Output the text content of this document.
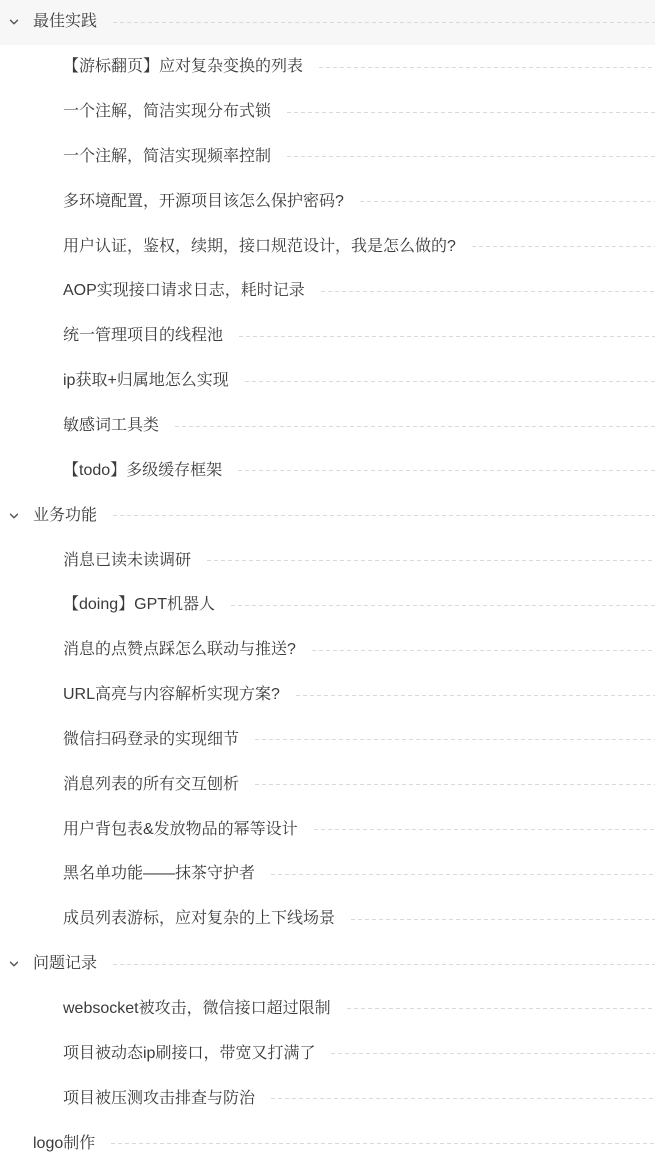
最佳实践
【游标翻页】应对复杂变换的列表
一个注解，简洁实现分布式锁
一个注解，简洁实现频率控制
多环境配置，开源项目该怎么保护密码?
用户认证，鉴权，续期，接口规范设计，我是怎么做的?
AOP实现接口请求日志，耗时记录
统一管理项目的线程池
ip获取+归属地怎么实现
敏感词工具类
【todo】多级缓存框架
业务功能
消息已读未读调研
【doing】GPT机器人
消息的点赞点踩怎么联动与推送?
URL高亮与内容解析实现方案?
微信扫码登录的实现细节
消息列表的所有交互刨析
用户背包表&发放物品的幂等设计
黑名单功能——抹茶守护者
成员列表游标，应对复杂的上下线场景
问题记录
websocket被攻击，微信接口超过限制
项目被动态ip刷接口，带宽又打满了
项目被压测攻击排查与防治
logo制作
